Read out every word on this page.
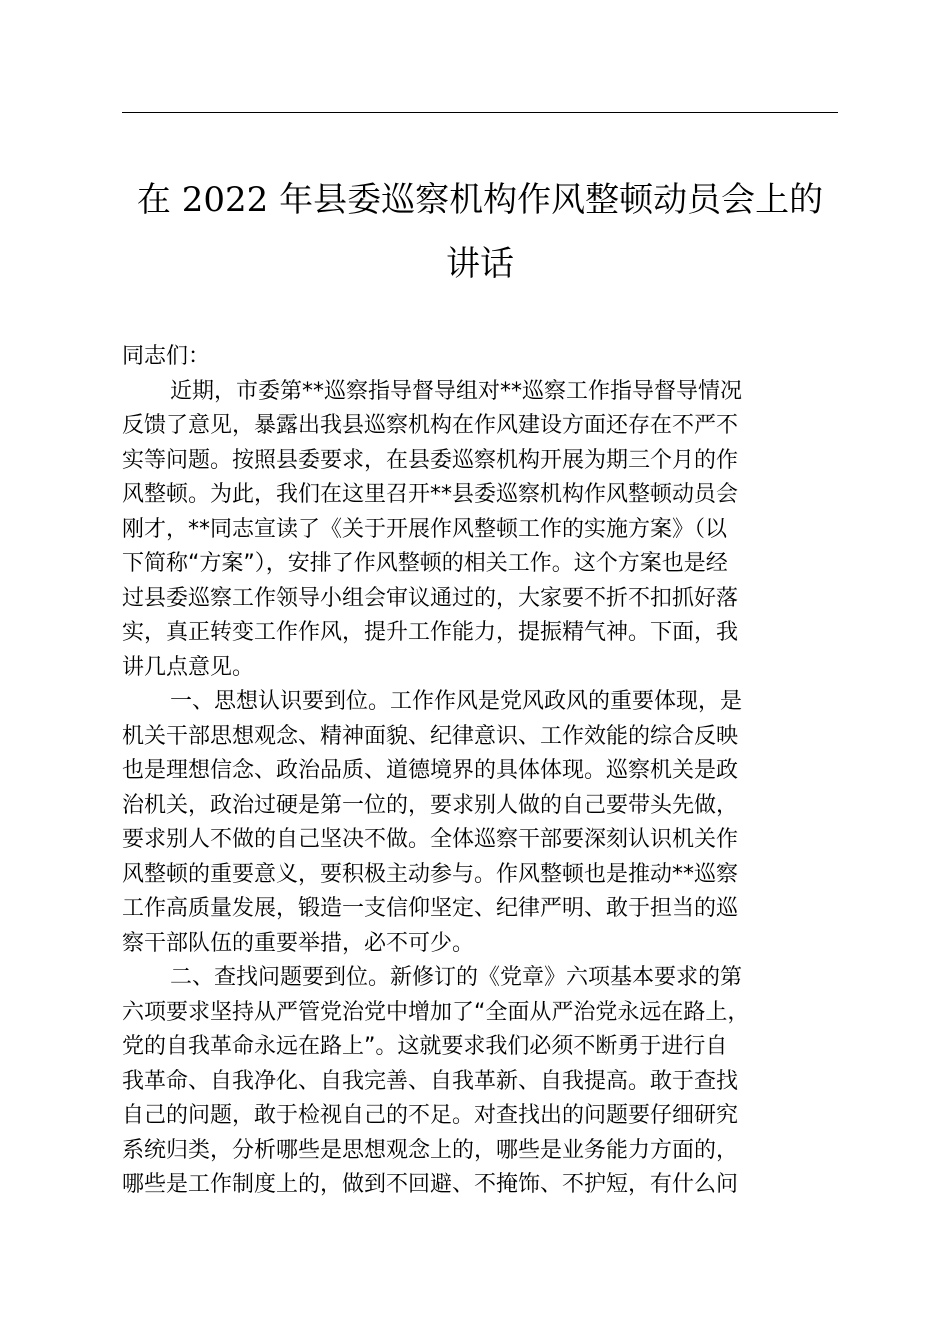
在 2022 年县委巡察机构作风整顿动员会上的
讲话
同志们：
近期，市委第**巡察指导督导组对**巡察工作指导督导情况
反馈了意见，暴露出我县巡察机构在作风建设方面还存在不严不
实等问题。按照县委要求，在县委巡察机构开展为期三个月的作
风整顿。为此，我们在这里召开**县委巡察机构作风整顿动员会
刚才，**同志宣读了《关于开展作风整顿工作的实施方案》（以
下简称“方案”），安排了作风整顿的相关工作。这个方案也是经
过县委巡察工作领导小组会审议通过的，大家要不折不扣抓好落
实，真正转变工作作风，提升工作能力，提振精气神。下面，我
讲几点意见。
一、思想认识要到位。工作作风是党风政风的重要体现，是
机关干部思想观念、精神面貌、纪律意识、工作效能的综合反映
也是理想信念、政治品质、道德境界的具体体现。巡察机关是政
治机关，政治过硬是第一位的，要求别人做的自己要带头先做，
要求别人不做的自己坚决不做。全体巡察干部要深刻认识机关作
风整顿的重要意义，要积极主动参与。作风整顿也是推动**巡察
工作高质量发展，锻造一支信仰坚定、纪律严明、敢于担当的巡
察干部队伍的重要举措，必不可少。
二、查找问题要到位。新修订的《党章》六项基本要求的第
六项要求坚持从严管党治党中增加了“全面从严治党永远在路上，
党的自我革命永远在路上”。这就要求我们必须不断勇于进行自
我革命、自我净化、自我完善、自我革新、自我提高。敢于查找
自己的问题，敢于检视自己的不足。对查找出的问题要仔细研究
系统归类，分析哪些是思想观念上的，哪些是业务能力方面的，
哪些是工作制度上的，做到不回避、不掩饰、不护短，有什么问
